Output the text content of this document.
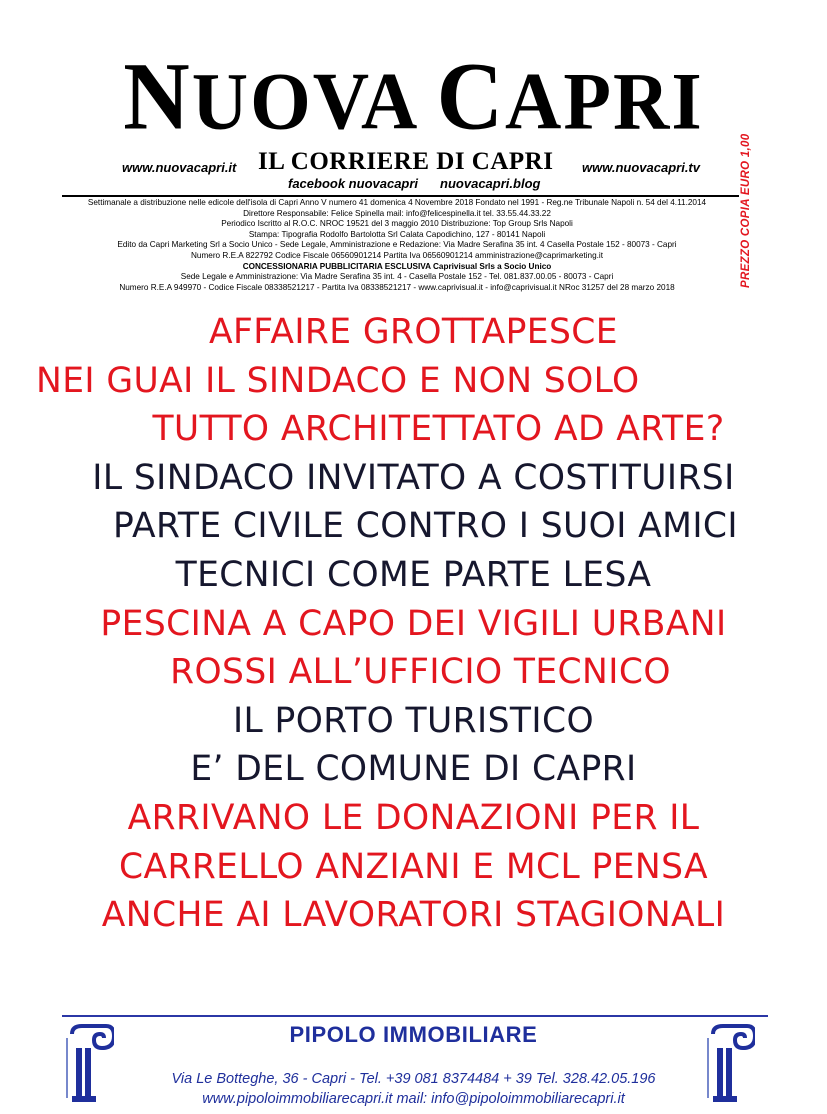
NUOVA CAPRI
www.nuovacapri.it IL CORRIERE DI CAPRI www.nuovacapri.tv
facebook nuovacapri nuovacapri.blog
Settimanale a distribuzione nelle edicole dell'isola di Capri Anno V numero 41 domenica 4 Novembre 2018 Fondato nel 1991 - Reg.ne Tribunale Napoli n. 54 del 4.11.2014
Direttore Responsabile: Felice Spinella mail: info@felicespinella.it tel. 33.55.44.33.22
Periodico Iscritto al R.O.C. NROC 19521 del 3 maggio 2010 Distribuzione: Top Group Srls Napoli
Stampa: Tipografia Rodolfo Bartolotta Srl Calata Capodichino, 127 - 80141 Napoli
Edito da Capri Marketing Srl a Socio Unico - Sede Legale, Amministrazione e Redazione: Via Madre Serafina 35 int. 4 Casella Postale 152 - 80073 - Capri
Numero R.E.A 822792 Codice Fiscale 06560901214 Partita Iva 06560901214 amministrazione@caprimarketing.it
CONCESSIONARIA PUBBLICITARIA ESCLUSIVA Caprivisual Srls a Socio Unico
Sede Legale e Amministrazione: Via Madre Serafina 35 int. 4 - Casella Postale 152 - Tel. 081.837.00.05 - 80073 - Capri
Numero R.E.A 949970 - Codice Fiscale 08338521217 - Partita Iva 08338521217 - www.caprivisual.it - info@caprivisual.it NRoc 31257 del 28 marzo 2018	PREZZO COPIA EURO 1,00
AFFAIRE GROTTAPESCE
NEI GUAI IL SINDACO E NON SOLO
TUTTO ARCHITETTATO AD ARTE?
IL SINDACO INVITATO A COSTITUIRSI
PARTE CIVILE CONTRO I SUOI AMICI
TECNICI COME PARTE LESA
PESCINA A CAPO DEI VIGILI URBANI
ROSSI ALL’UFFICIO TECNICO
IL PORTO TURISTICO
E’ DEL COMUNE DI CAPRI
ARRIVANO LE DONAZIONI PER IL
CARRELLO ANZIANI E MCL PENSA
ANCHE AI LAVORATORI STAGIONALI
PIPOLO IMMOBILIARE
Via Le Botteghe, 36 - Capri - Tel. +39 081 8374484 + 39 Tel. 328.42.05.196
www.pipoloimmobiliarecapri.it mail: info@pipoloimmobiliarecapri.it
